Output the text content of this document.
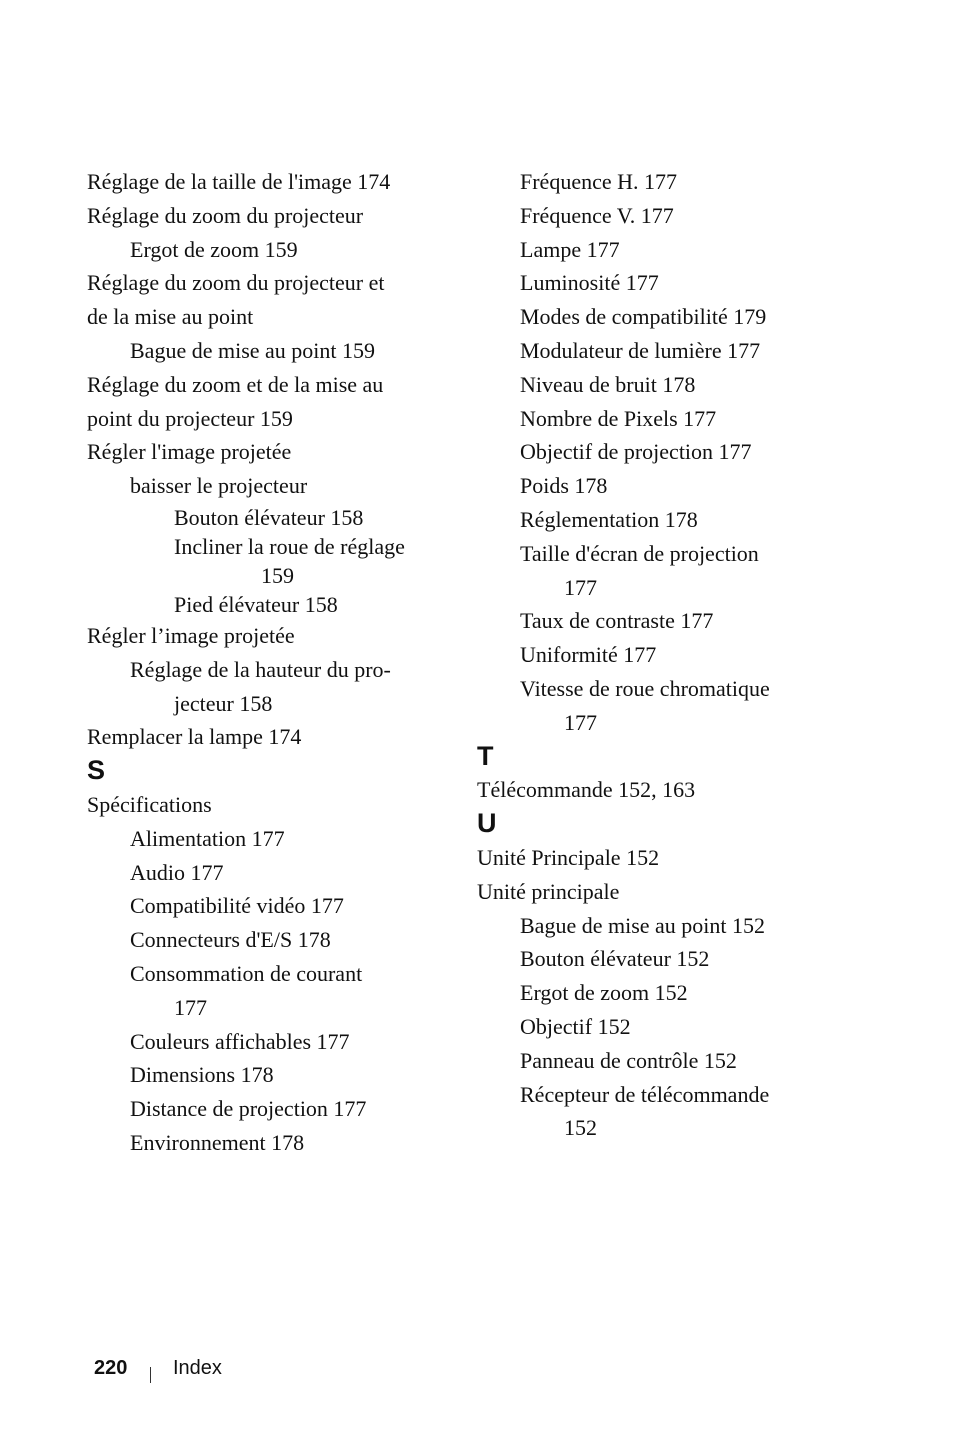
Réglage de la taille de l'image 174
Réglage du zoom du projecteur
Ergot de zoom 159
Réglage du zoom du projecteur et
de la mise au point
Bague de mise au point 159
Réglage du zoom et de la mise au
point du projecteur 159
Régler l'image projetée
baisser le projecteur
Bouton élévateur 158
Incliner la roue de réglage
159
Pied élévateur 158
Régler l’image projetée
Réglage de la hauteur du pro-
jecteur 158
Remplacer la lampe 174
S
Spécifications
Alimentation 177
Audio 177
Compatibilité vidéo 177
Connecteurs d'E/S 178
Consommation de courant
177
Couleurs affichables 177
Dimensions 178
Distance de projection 177
Environnement 178
Fréquence H. 177
Fréquence V. 177
Lampe 177
Luminosité 177
Modes de compatibilité 179
Modulateur de lumière 177
Niveau de bruit 178
Nombre de Pixels 177
Objectif de projection 177
Poids 178
Réglementation 178
Taille d'écran de projection
177
Taux de contraste 177
Uniformité 177
Vitesse de roue chromatique
177
T
Télécommande 152, 163
U
Unité Principale 152
Unité principale
Bague de mise au point 152
Bouton élévateur 152
Ergot de zoom 152
Objectif 152
Panneau de contrôle 152
Récepteur de télécommande
152
220 Index
